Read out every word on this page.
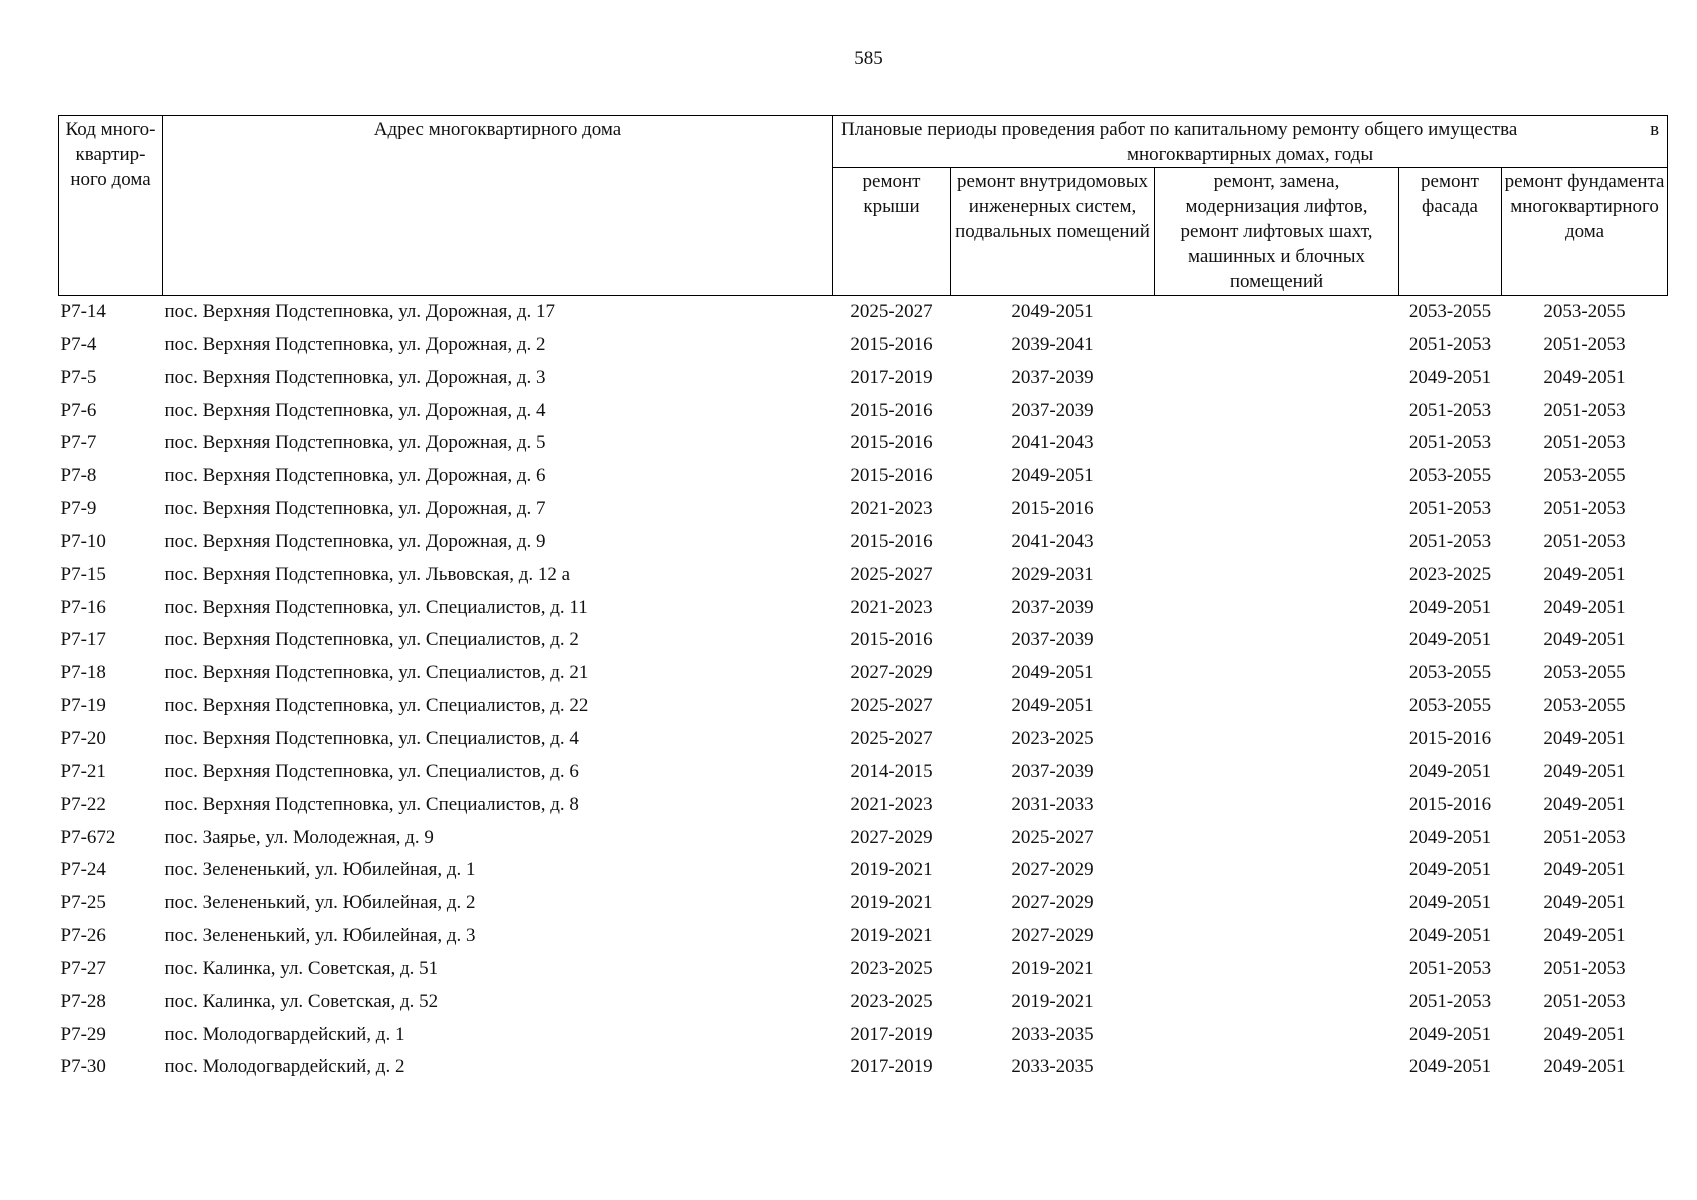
585
Код много-квартир-ного дома	Адрес многоквартирного дома	Плановые периоды проведения работ по капитальному ремонту общего имущества в
многоквартирных домах, годы				

		ремонт крыши	ремонт внутридомовых инженерных систем, подвальных помещений	ремонт, замена, модернизация лифтов, ремонт лифтовых шахт, машинных и блочных помещений	ремонт фасада	ремонт фундамента многоквартирного дома
Р7-14	пос. Верхняя Подстепновка, ул. Дорожная, д. 17	2025-2027	2049-2051		2053-2055	2053-2055
Р7-4	пос. Верхняя Подстепновка, ул. Дорожная, д. 2	2015-2016	2039-2041		2051-2053	2051-2053
Р7-5	пос. Верхняя Подстепновка, ул. Дорожная, д. 3	2017-2019	2037-2039		2049-2051	2049-2051
Р7-6	пос. Верхняя Подстепновка, ул. Дорожная, д. 4	2015-2016	2037-2039		2051-2053	2051-2053
Р7-7	пос. Верхняя Подстепновка, ул. Дорожная, д. 5	2015-2016	2041-2043		2051-2053	2051-2053
Р7-8	пос. Верхняя Подстепновка, ул. Дорожная, д. 6	2015-2016	2049-2051		2053-2055	2053-2055
Р7-9	пос. Верхняя Подстепновка, ул. Дорожная, д. 7	2021-2023	2015-2016		2051-2053	2051-2053
Р7-10	пос. Верхняя Подстепновка, ул. Дорожная, д. 9	2015-2016	2041-2043		2051-2053	2051-2053
Р7-15	пос. Верхняя Подстепновка, ул. Львовская, д. 12 а	2025-2027	2029-2031		2023-2025	2049-2051
Р7-16	пос. Верхняя Подстепновка, ул. Специалистов, д. 11	2021-2023	2037-2039		2049-2051	2049-2051
Р7-17	пос. Верхняя Подстепновка, ул. Специалистов, д. 2	2015-2016	2037-2039		2049-2051	2049-2051
Р7-18	пос. Верхняя Подстепновка, ул. Специалистов, д. 21	2027-2029	2049-2051		2053-2055	2053-2055
Р7-19	пос. Верхняя Подстепновка, ул. Специалистов, д. 22	2025-2027	2049-2051		2053-2055	2053-2055
Р7-20	пос. Верхняя Подстепновка, ул. Специалистов, д. 4	2025-2027	2023-2025		2015-2016	2049-2051
Р7-21	пос. Верхняя Подстепновка, ул. Специалистов, д. 6	2014-2015	2037-2039		2049-2051	2049-2051
Р7-22	пос. Верхняя Подстепновка, ул. Специалистов, д. 8	2021-2023	2031-2033		2015-2016	2049-2051
Р7-672	пос. Заярье, ул. Молодежная, д. 9	2027-2029	2025-2027		2049-2051	2051-2053
Р7-24	пос. Зелененький, ул. Юбилейная, д. 1	2019-2021	2027-2029		2049-2051	2049-2051
Р7-25	пос. Зелененький, ул. Юбилейная, д. 2	2019-2021	2027-2029		2049-2051	2049-2051
Р7-26	пос. Зелененький, ул. Юбилейная, д. 3	2019-2021	2027-2029		2049-2051	2049-2051
Р7-27	пос. Калинка, ул. Советская, д. 51	2023-2025	2019-2021		2051-2053	2051-2053
Р7-28	пос. Калинка, ул. Советская, д. 52	2023-2025	2019-2021		2051-2053	2051-2053
Р7-29	пос. Молодогвардейский, д. 1	2017-2019	2033-2035		2049-2051	2049-2051
Р7-30	пос. Молодогвардейский, д. 2	2017-2019	2033-2035		2049-2051	2049-2051
